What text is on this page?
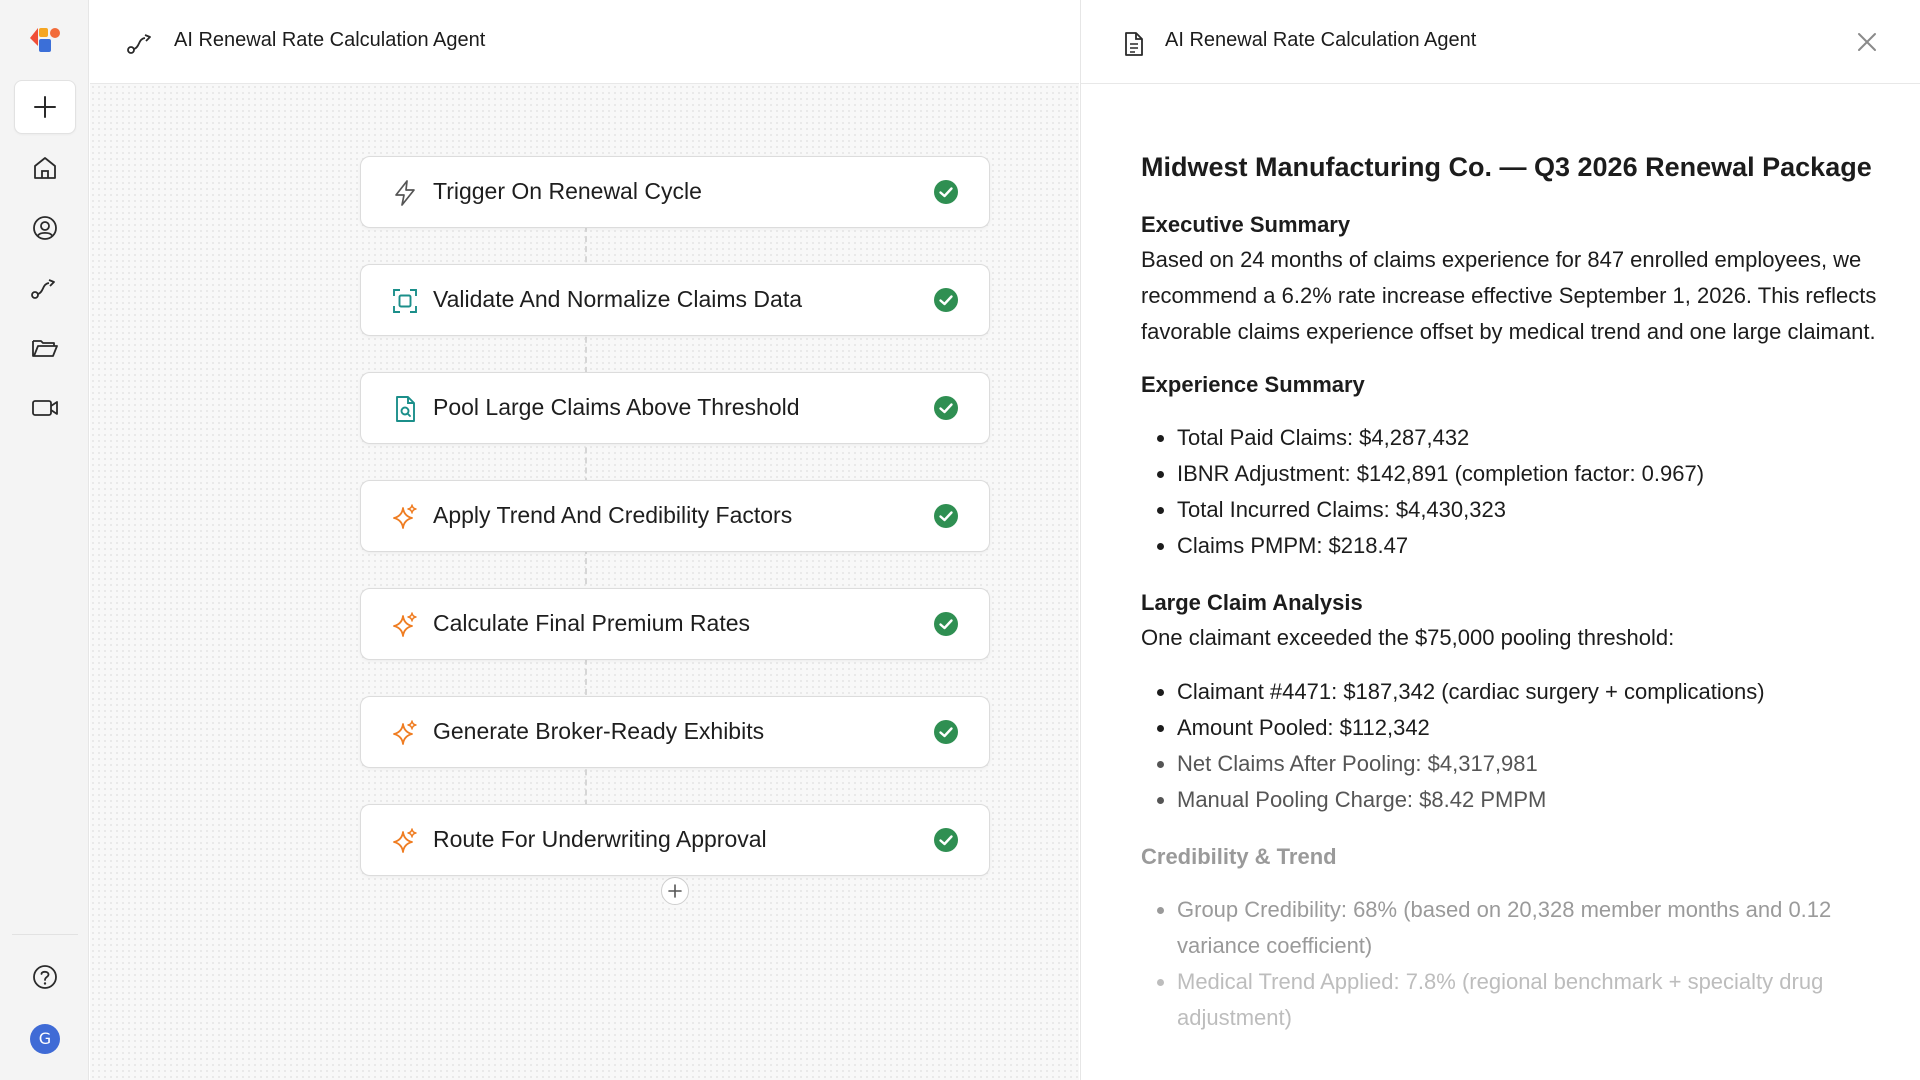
G
AI Renewal Rate Calculation Agent
Trigger On Renewal Cycle
Validate And Normalize Claims Data
Pool Large Claims Above Threshold
Apply Trend And Credibility Factors
Calculate Final Premium Rates
Generate Broker-Ready Exhibits
Route For Underwriting Approval
AI Renewal Rate Calculation Agent
Midwest Manufacturing Co. — Q3 2026 Renewal Package
Executive Summary

Based on 24 months of claims experience for 847 enrolled employees, we recommend a 6.2% rate increase effective September 1, 2026. This reflects favorable claims experience offset by medical trend and one large claimant.

Experience Summary
• Total Paid Claims: $4,287,432
• IBNR Adjustment: $142,891 (completion factor: 0.967)
• Total Incurred Claims: $4,430,323
• Claims PMPM: $218.47
Large Claim Analysis

One claimant exceeded the $75,000 pooling threshold:

• Claimant #4471: $187,342 (cardiac surgery + complications)
• Amount Pooled: $112,342
• Net Claims After Pooling: $4,317,981
• Manual Pooling Charge: $8.42 PMPM
Credibility & Trend
• Group Credibility: 68% (based on 20,328 member months and 0.12 variance coefficient)
• Medical Trend Applied: 7.8% (regional benchmark + specialty drug adjustment)
